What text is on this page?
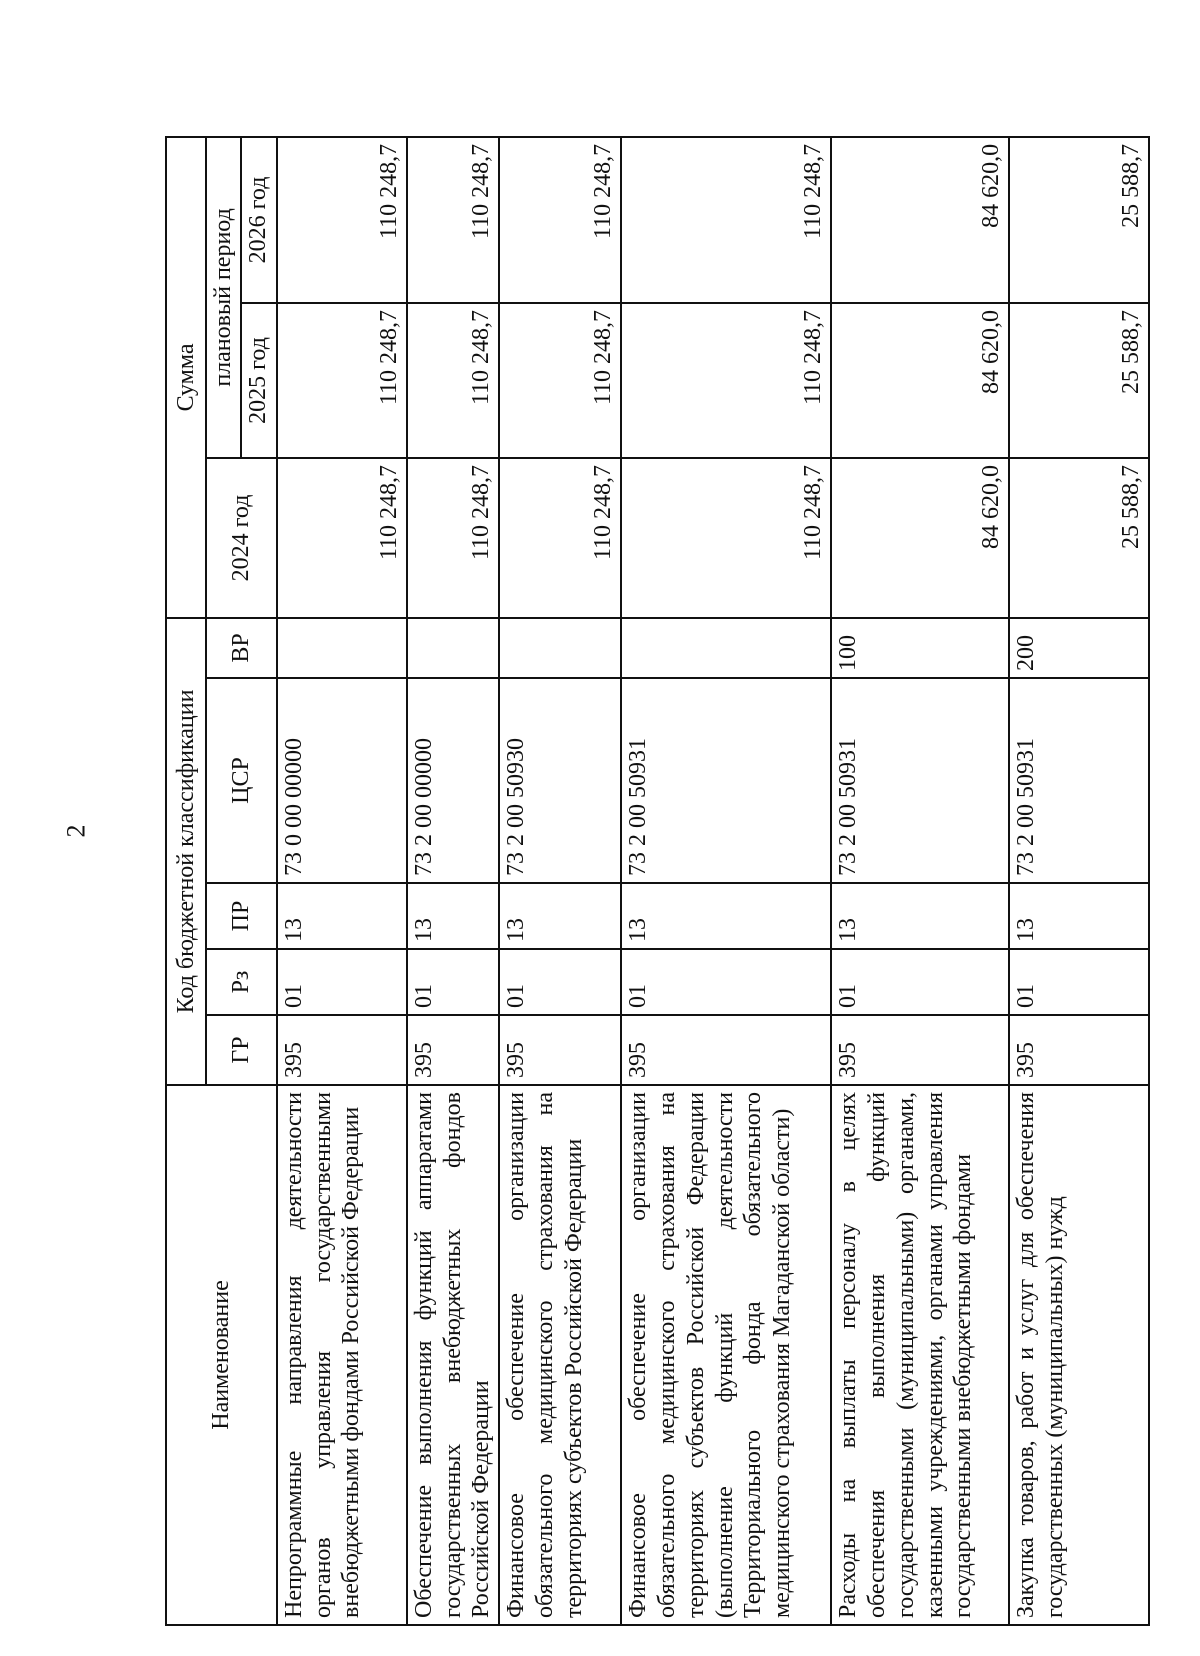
2
Наименование	Код бюджетной классификации					Сумма		
	ГР	Рз	ПР	ЦСР	ВР	2024 год	плановый период	
							2025 год	2026 год
Непрограммные направления деятельности органов управления государственными внебюджетными фондами Российской Федерации	395	01	13	73 0 00 00000		110 248,7	110 248,7	110 248,7
Обеспечение выполнения функций аппаратами государственных внебюджетных фондов Российской Федерации	395	01	13	73 2 00 00000		110 248,7	110 248,7	110 248,7
Финансовое обеспечение организации обязательного медицинского страхования на территориях субъектов Российской Федерации	395	01	13	73 2 00 50930		110 248,7	110 248,7	110 248,7
Финансовое обеспечение организации обязательного медицинского страхования на территориях субъектов Российской Федерации (выполнение функций деятельности Территориального фонда обязательного медицинского страхования Магаданской области)	395	01	13	73 2 00 50931		110 248,7	110 248,7	110 248,7
Расходы на выплаты персоналу в целях обеспечения выполнения функций государственными (муниципальными) органами, казенными учреждениями, органами управления государственными внебюджетными фондами	395	01	13	73 2 00 50931	100	84 620,0	84 620,0	84 620,0
Закупка товаров, работ и услуг для обеспечения государственных (муниципальных) нужд	395	01	13	73 2 00 50931	200	25 588,7	25 588,7	25 588,7
